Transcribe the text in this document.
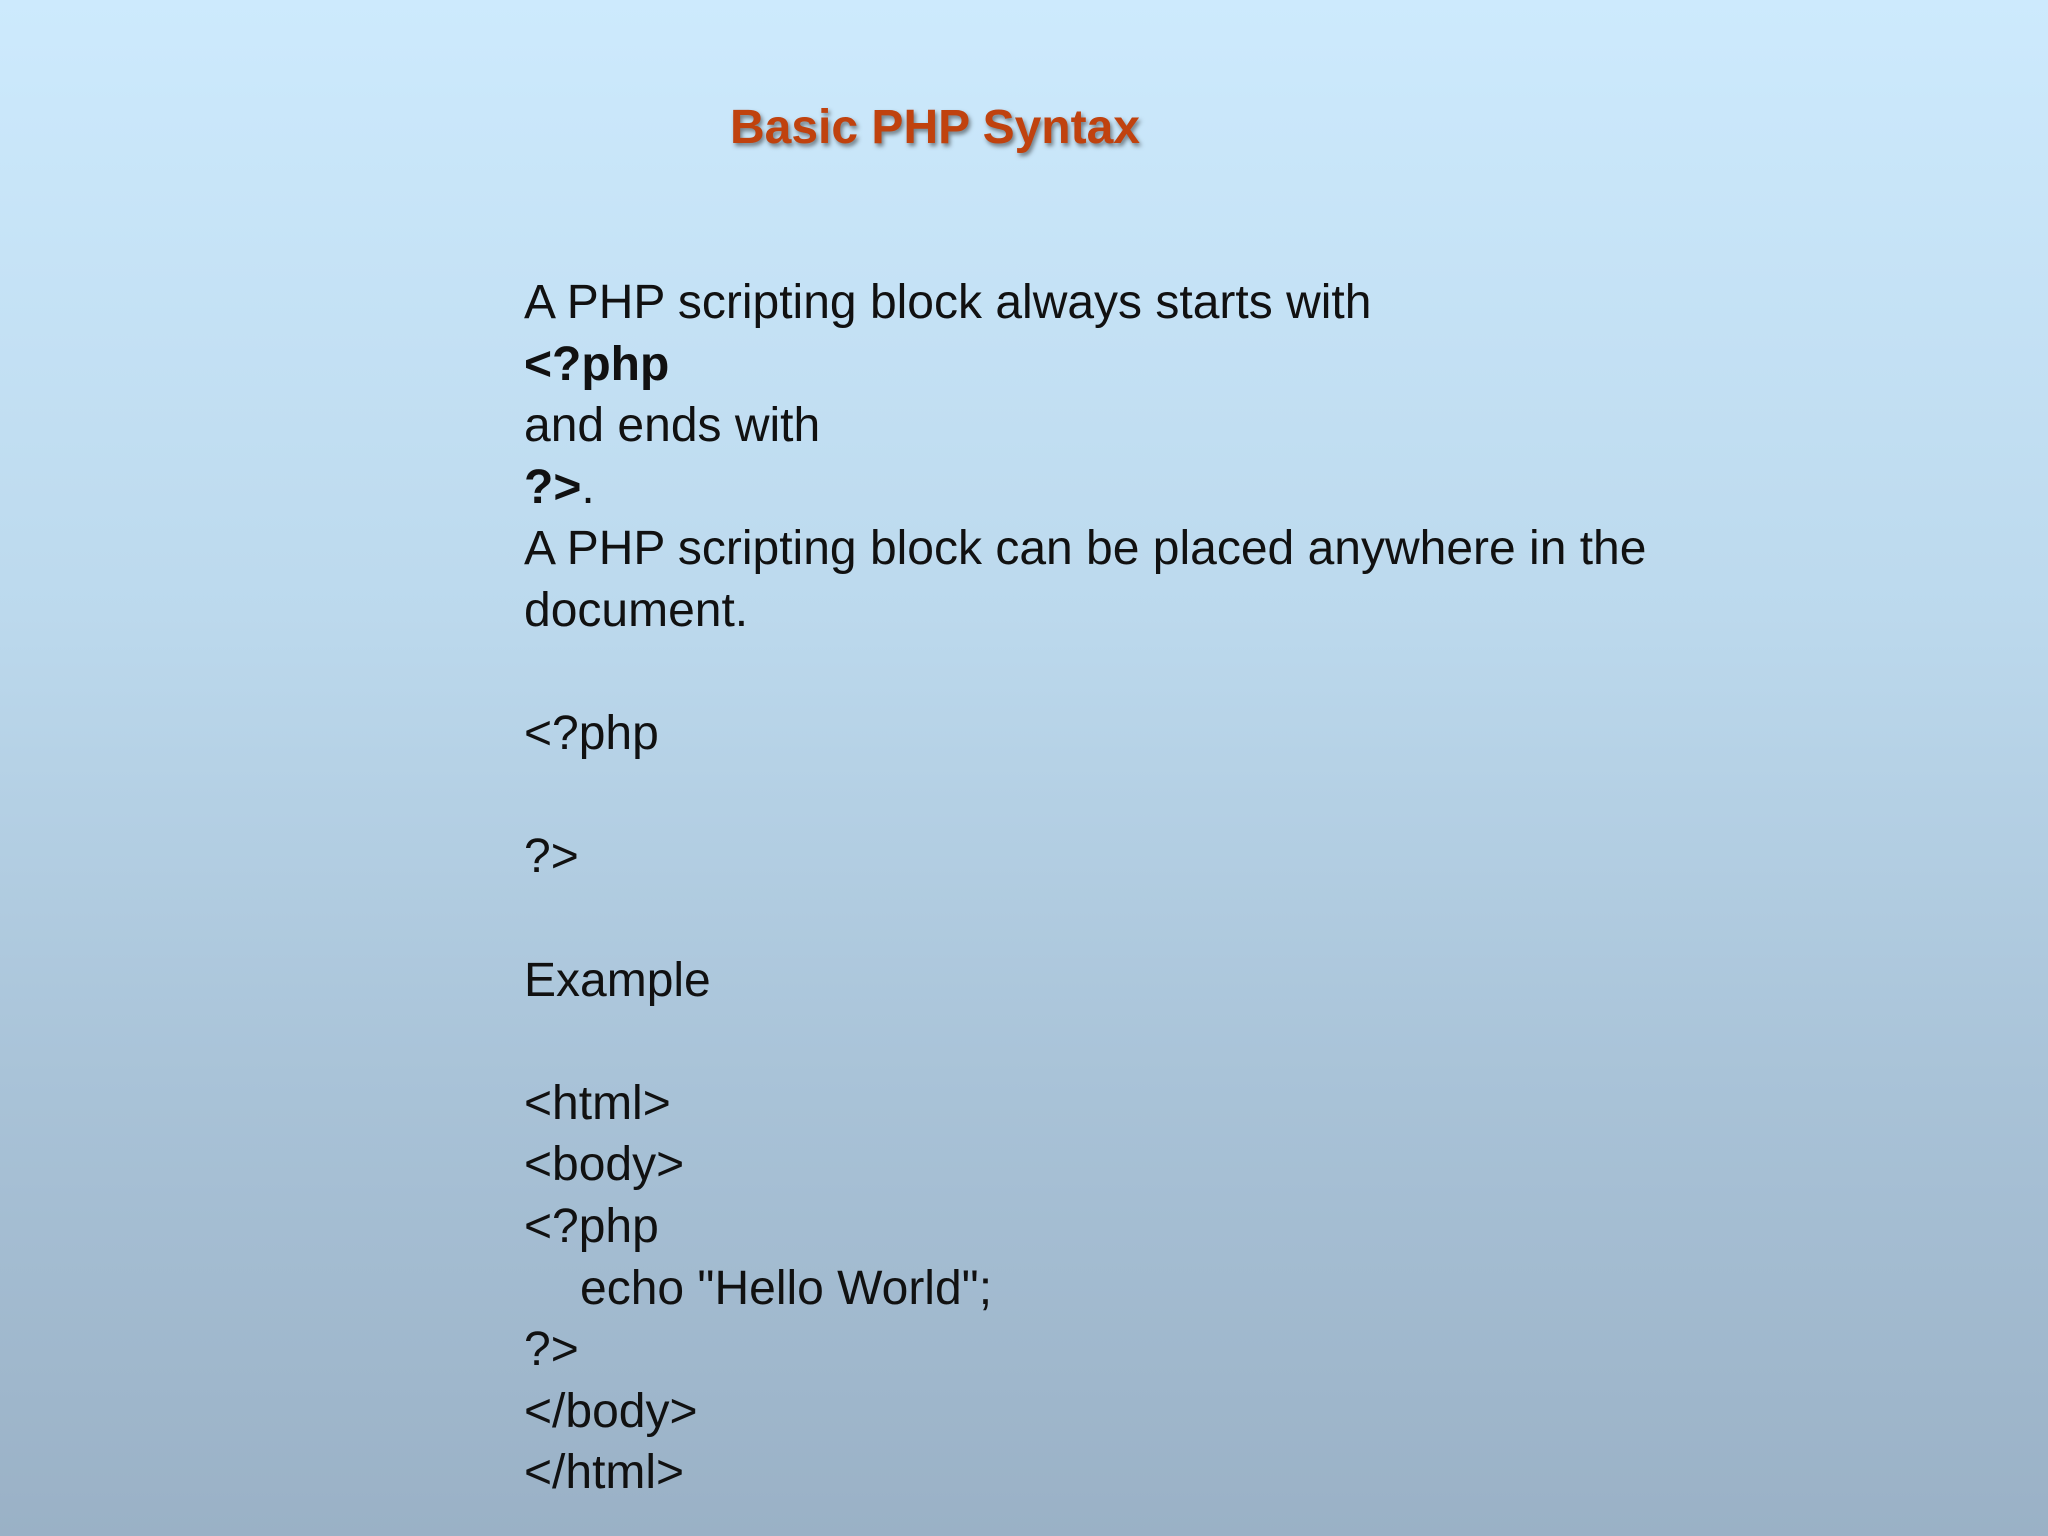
Basic PHP Syntax
A PHP scripting block always starts with
<?php
and ends with
?>.
A PHP scripting block can be placed anywhere in the
document.
<?php
?>
Example
<html>
<body>
<?php
echo "Hello World";
?>
</body>
</html>
